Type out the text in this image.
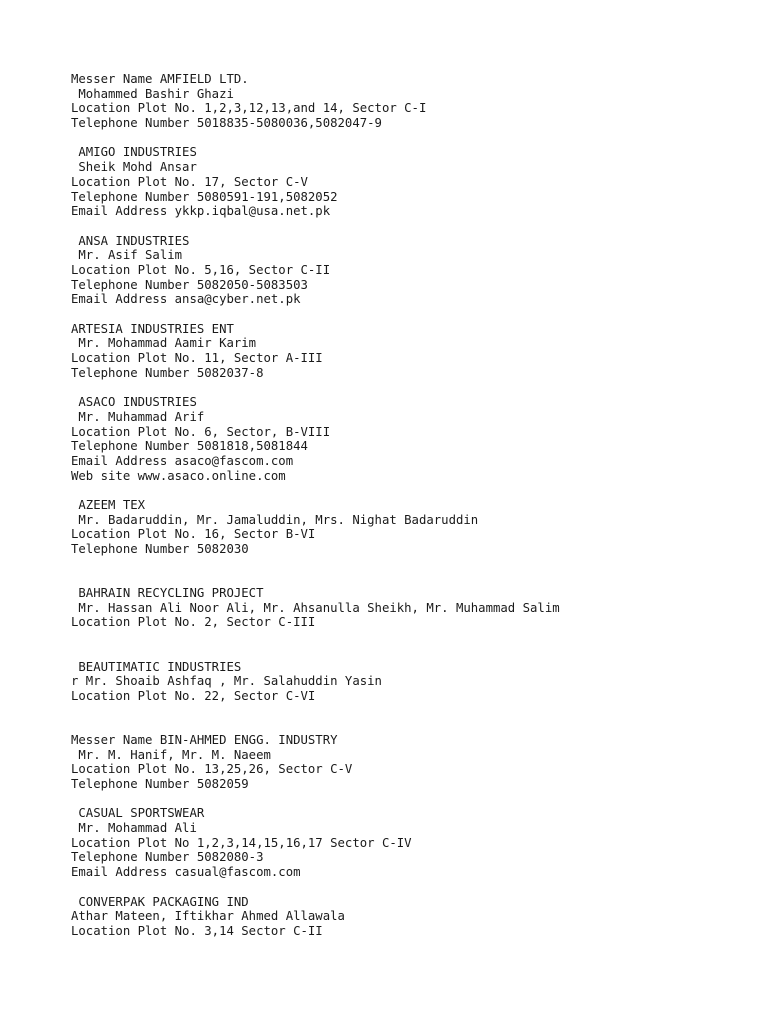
Messer Name AMFIELD LTD.
Mohammed Bashir Ghazi
Location Plot No. 1,2,3,12,13,and 14, Sector C-I
Telephone Number 5018835-5080036,5082047-9
AMIGO INDUSTRIES
Sheik Mohd Ansar
Location Plot No. 17, Sector C-V
Telephone Number 5080591-191,5082052
Email Address ykkp.iqbal@usa.net.pk
ANSA INDUSTRIES
Mr. Asif Salim
Location Plot No. 5,16, Sector C-II
Telephone Number 5082050-5083503
Email Address ansa@cyber.net.pk
ARTESIA INDUSTRIES ENT
Mr. Mohammad Aamir Karim
Location Plot No. 11, Sector A-III
Telephone Number 5082037-8
ASACO INDUSTRIES
Mr. Muhammad Arif
Location Plot No. 6, Sector, B-VIII
Telephone Number 5081818,5081844
Email Address asaco@fascom.com
Web site www.asaco.online.com
AZEEM TEX
Mr. Badaruddin, Mr. Jamaluddin, Mrs. Nighat Badaruddin
Location Plot No. 16, Sector B-VI
Telephone Number 5082030
BAHRAIN RECYCLING PROJECT
Mr. Hassan Ali Noor Ali, Mr. Ahsanulla Sheikh, Mr. Muhammad Salim
Location Plot No. 2, Sector C-III
BEAUTIMATIC INDUSTRIES
r Mr. Shoaib Ashfaq , Mr. Salahuddin Yasin
Location Plot No. 22, Sector C-VI
Messer Name BIN-AHMED ENGG. INDUSTRY
Mr. M. Hanif, Mr. M. Naeem
Location Plot No. 13,25,26, Sector C-V
Telephone Number 5082059
CASUAL SPORTSWEAR
Mr. Mohammad Ali
Location Plot No 1,2,3,14,15,16,17 Sector C-IV
Telephone Number 5082080-3
Email Address casual@fascom.com
CONVERPAK PACKAGING IND
Athar Mateen, Iftikhar Ahmed Allawala
Location Plot No. 3,14 Sector C-II
